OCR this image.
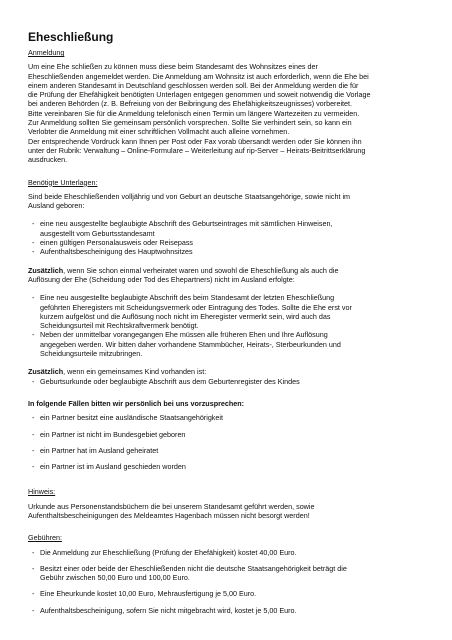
Eheschließung

Anmeldung

Um eine Ehe schließen zu können muss diese beim Standesamt des Wohnsitzes eines der

Eheschließenden angemeldet werden. Die Anmeldung am Wohnsitz ist auch erforderlich, wenn die Ehe bei

einem anderen Standesamt in Deutschland geschlossen werden soll. Bei der Anmeldung werden die für

die Prüfung der Ehefähigkeit benötigten Unterlagen entgegen genommen und soweit notwendig die Vorlage

bei anderen Behörden (z. B. Befreiung von der Beibringung des Ehefähigkeitszeugnisses) vorbereitet.

Bitte vereinbaren Sie für die Anmeldung telefonisch einen Termin um längere Wartezeiten zu vermeiden.

Zur Anmeldung sollten Sie gemeinsam persönlich vorsprechen. Sollte Sie verhindert sein, so kann ein

Verlobter die Anmeldung mit einer schriftlichen Vollmacht auch alleine vornehmen.

Der entsprechende Vordruck kann Ihnen per Post oder Fax vorab übersandt werden oder Sie können ihn

unter der Rubrik: Verwaltung – Online-Formulare – Weiterleitung auf rip-Server – Heirats-Beitrittserklärung

ausdrucken.

Benötigte Unterlagen:

Sind beide Eheschließenden volljährig und von Geburt an deutsche Staatsangehörige, sowie nicht im

Ausland geboren:

- eine neu ausgestellte beglaubigte Abschrift des Geburtseintrages mit sämtlichen Hinweisen,

ausgestellt vom Geburtsstandesamt

- einen gültigen Personalausweis oder Reisepass

- Aufenthaltsbescheinigung des Hauptwohnsitzes

Zusätzlich, wenn Sie schon einmal verheiratet waren und sowohl die Eheschließung als auch die

Auflösung der Ehe (Scheidung oder Tod des Ehepartners) nicht im Ausland erfolgte:

- Eine neu ausgestellte beglaubigte Abschrift des beim Standesamt der letzten Eheschließung

geführten Eheregisters mit Scheidungsvermerk oder Eintragung des Todes. Sollte die Ehe erst vor

kurzem aufgelöst und die Auflösung noch nicht im Eheregister vermerkt sein, wird auch das

Scheidungsurteil mit Rechtskraftvermerk benötigt.

- Neben der unmittelbar vorangegangen Ehe müssen alle früheren Ehen und Ihre Auflösung

angegeben werden. Wir bitten daher vorhandene Stammbücher, Heirats-, Sterbeurkunden und

Scheidungsurteile mitzubringen.

Zusätzlich, wenn ein gemeinsames Kind vorhanden ist:

- Geburtsurkunde oder beglaubigte Abschrift aus dem Geburtenregister des Kindes

In folgende Fällen bitten wir persönlich bei uns vorzusprechen:

- ein Partner besitzt eine ausländische Staatsangehörigkeit

- ein Partner ist nicht im Bundesgebiet geboren

- ein Partner hat im Ausland geheiratet

- ein Partner ist im Ausland geschieden worden

Hinweis:

Urkunde aus Personenstandsbüchern die bei unserem Standesamt geführt werden, sowie

Aufenthaltsbescheinigungen des Meldeamtes Hagenbach müssen nicht besorgt werden!

Gebühren:

- Die Anmeldung zur Eheschließung (Prüfung der Ehefähigkeit) kostet 40,00 Euro.

- Besitzt einer oder beide der Eheschließenden nicht die deutsche Staatsangehörigkeit beträgt die

Gebühr zwischen 50,00 Euro und 100,00 Euro.

- Eine Eheurkunde kostet 10,00 Euro, Mehrausfertigung je 5,00 Euro.

- Aufenthaltsbescheinigung, sofern Sie nicht mitgebracht wird, kostet je 5,00 Euro.
